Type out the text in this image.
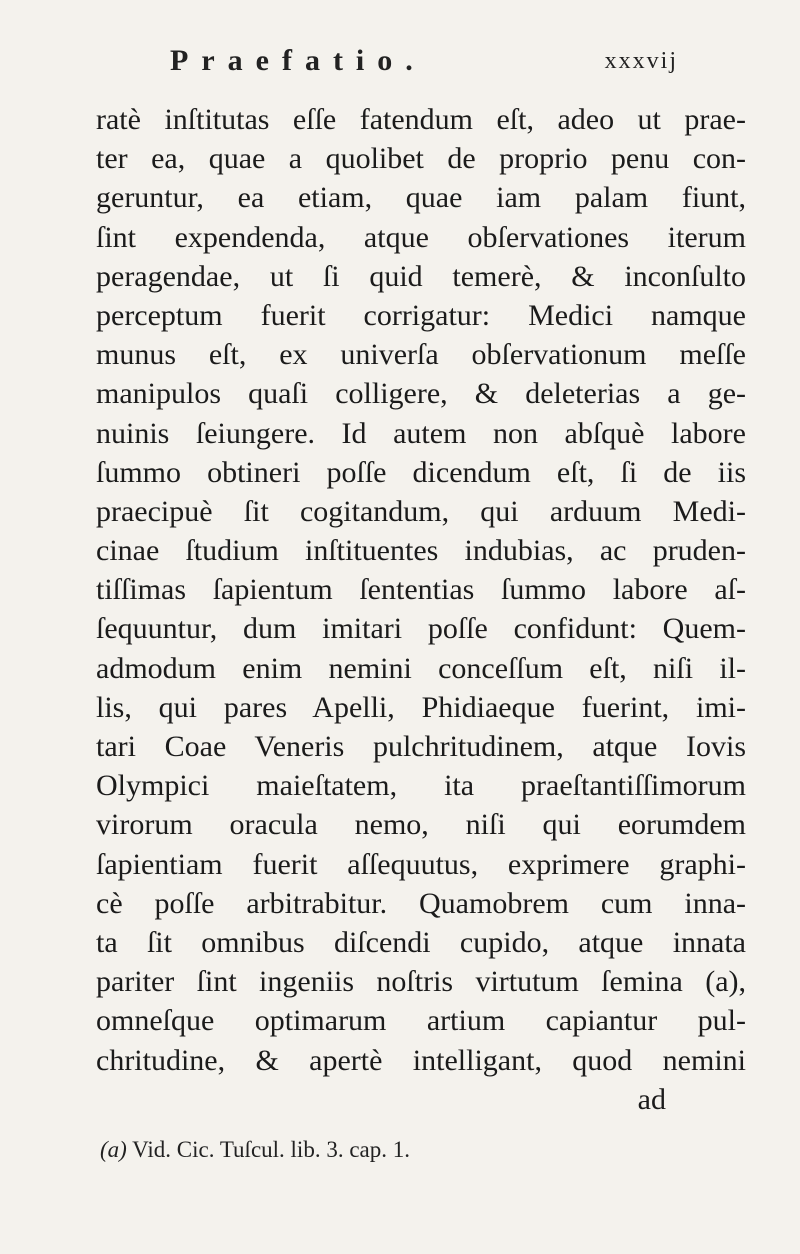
Praefatio.	xxxvij
ratè inſtitutas eſſe fatendum eſt, adeo ut prae-
ter ea, quae a quolibet de proprio penu con-
geruntur, ea etiam, quae iam palam fiunt,
ſint expendenda, atque obſervationes iterum
peragendae, ut ſi quid temerè, & inconſulto
perceptum fuerit corrigatur: Medici namque
munus eſt, ex univerſa obſervationum meſſe
manipulos quaſi colligere, & deleterias a ge-
nuinis ſeiungere. Id autem non abſquè labore
ſummo obtineri poſſe dicendum eſt, ſi de iis
praecipuè ſit cogitandum, qui arduum Medi-
cinae ſtudium inſtituentes indubias, ac pruden-
tiſſimas ſapientum ſententias ſummo labore aſ-
ſequuntur, dum imitari poſſe confidunt: Quem-
admodum enim nemini conceſſum eſt, niſi il-
lis, qui pares Apelli, Phidiaeque fuerint, imi-
tari Coae Veneris pulchritudinem, atque Iovis
Olympici maieſtatem, ita praeſtantiſſimorum
virorum oracula nemo, niſi qui eorumdem
ſapientiam fuerit aſſequutus, exprimere graphi-
cè poſſe arbitrabitur. Quamobrem cum inna-
ta ſit omnibus diſcendi cupido, atque innata
pariter ſint ingeniis noſtris virtutum ſemina (a),
omneſque optimarum artium capiantur pul-
chritudine, & apertè intelligant, quod nemini
ad
(a) Vid. Cic. Tuſcul. lib. 3. cap. 1.
